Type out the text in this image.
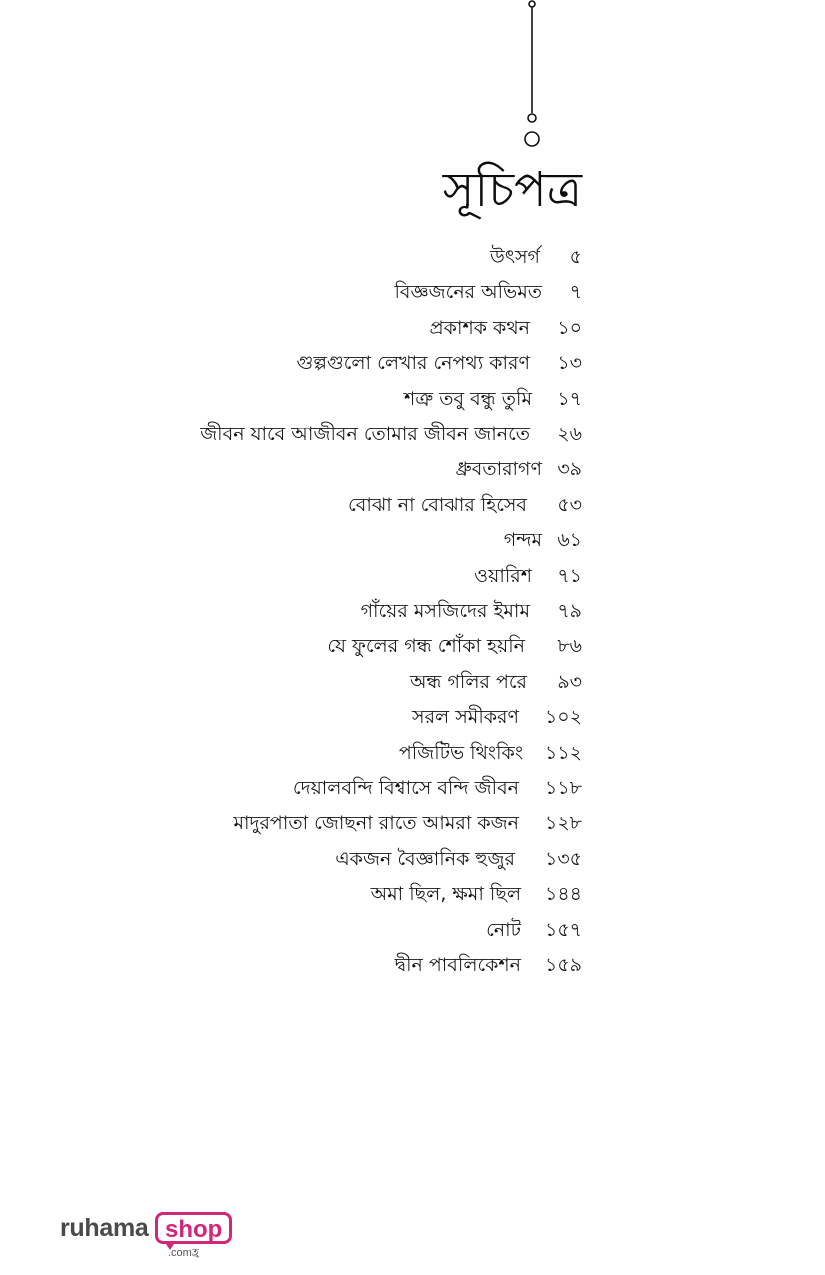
সূচিপত্র
উৎসর্গ ৫
বিজ্ঞজনের অভিমত ৭
প্রকাশক কথন ১০
গুল্পগুলো লেখার নেপথ্য কারণ ১৩
শত্রু তবু বন্ধু তুমি ১৭
জীবন যাবে আজীবন তোমার জীবন জানতে ২৬
ধ্রুবতারাগণ ৩৯
বোঝা না বোঝার হিসেব ৫৩
গন্দম ৬১
ওয়ারিশ ৭১
গাঁয়ের মসজিদের ইমাম ৭৯
যে ফুলের গন্ধ শোঁকা হয়নি ৮৬
অন্ধ গলির পরে ৯৩
সরল সমীকরণ ১০২
পজিটিভ থিংকিং ১১২
দেয়ালবন্দি বিশ্বাসে বন্দি জীবন ১১৮
মাদুরপাতা জোছনা রাতে আমরা কজন ১২৮
একজন বৈজ্ঞানিক হুজুর ১৩৫
অমা ছিল, ক্ষমা ছিল ১৪৪
নোট ১৫৭
দ্বীন পাবলিকেশন ১৫৯
ruhama shop
.comহ্র
